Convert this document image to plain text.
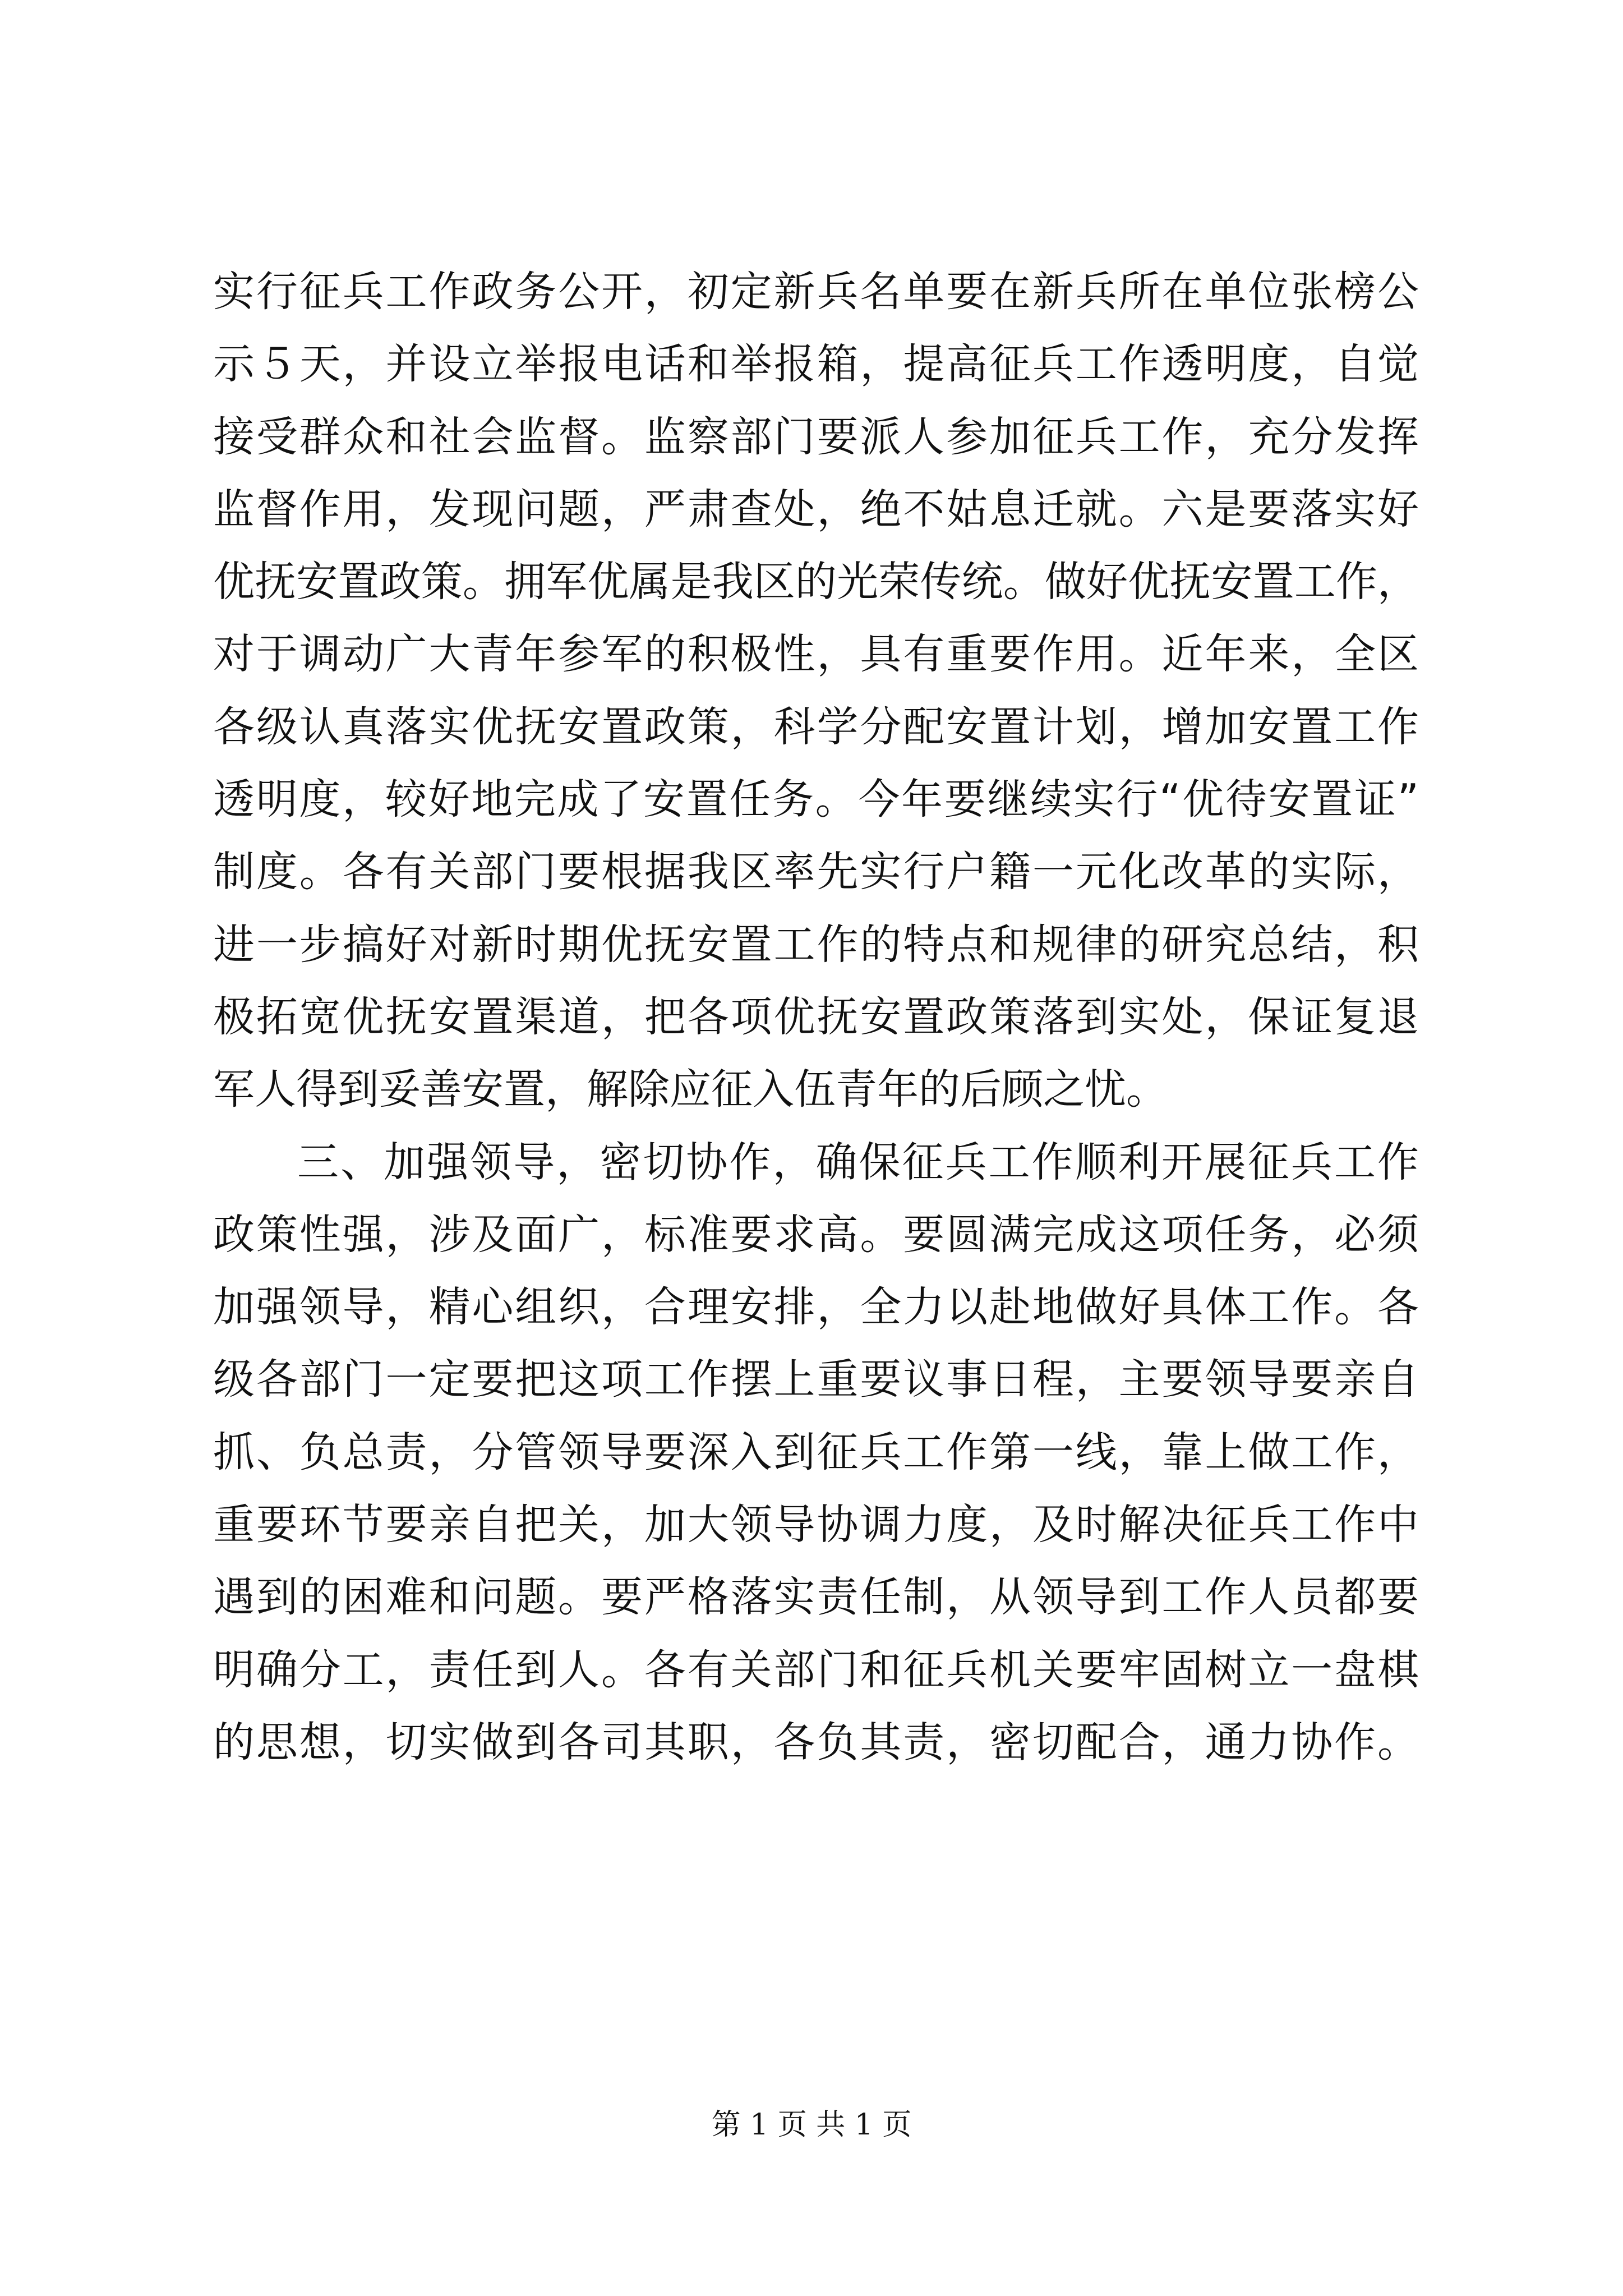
实行征兵工作政务公开，初定新兵名单要在新兵所在单位张榜公
示５天，并设立举报电话和举报箱，提高征兵工作透明度，自觉
接受群众和社会监督。监察部门要派人参加征兵工作，充分发挥
监督作用，发现问题，严肃查处，绝不姑息迁就。六是要落实好
优抚安置政策。拥军优属是我区的光荣传统。做好优抚安置工作，
对于调动广大青年参军的积极性，具有重要作用。近年来，全区
各级认真落实优抚安置政策，科学分配安置计划，增加安置工作
透明度，较好地完成了安置任务。今年要继续实行“优待安置证”
制度。各有关部门要根据我区率先实行户籍一元化改革的实际，
进一步搞好对新时期优抚安置工作的特点和规律的研究总结，积
极拓宽优抚安置渠道，把各项优抚安置政策落到实处，保证复退
军人得到妥善安置，解除应征入伍青年的后顾之忧。
三、加强领导，密切协作，确保征兵工作顺利开展征兵工作
政策性强，涉及面广，标准要求高。要圆满完成这项任务，必须
加强领导，精心组织，合理安排，全力以赴地做好具体工作。各
级各部门一定要把这项工作摆上重要议事日程，主要领导要亲自
抓、负总责，分管领导要深入到征兵工作第一线，靠上做工作，
重要环节要亲自把关，加大领导协调力度，及时解决征兵工作中
遇到的困难和问题。要严格落实责任制，从领导到工作人员都要
明确分工，责任到人。各有关部门和征兵机关要牢固树立一盘棋
的思想，切实做到各司其职，各负其责，密切配合，通力协作。
第 1 页 共 1 页
